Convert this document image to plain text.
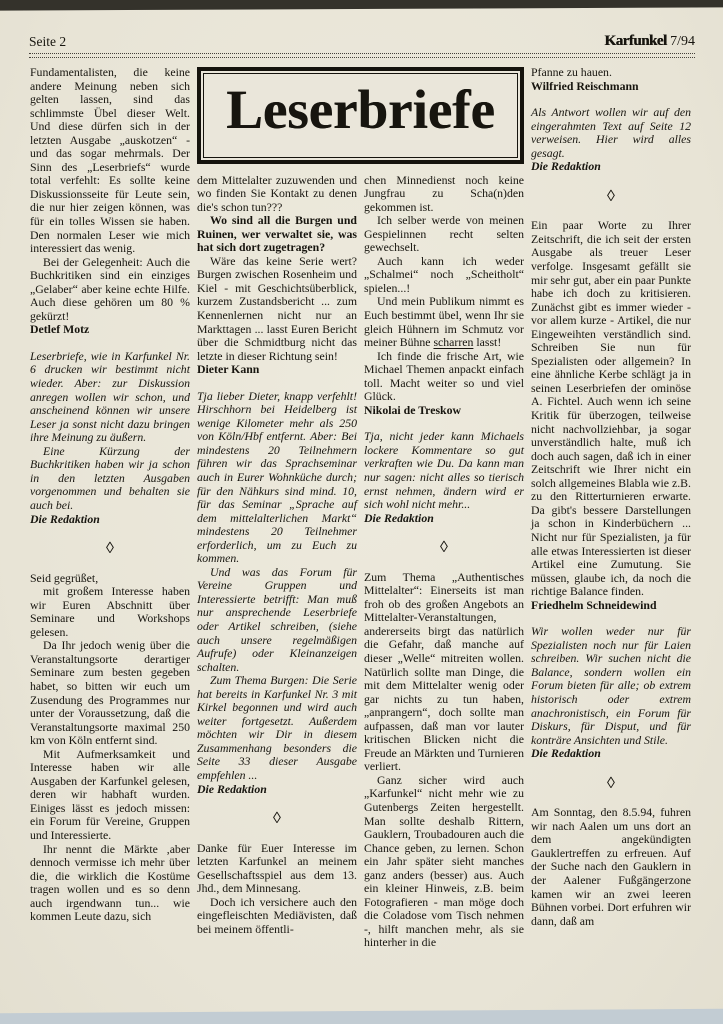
Seite 2	Karfunkel 7/94

Fundamentalisten, die keine andere Meinung neben sich gelten lassen, sind das schlimmste Übel dieser Welt. Und diese dürfen sich in der letzten Ausgabe „auskotzen“ - und das sogar mehrmals. Der Sinn des „Leserbriefs“ wurde total verfehlt: Es sollte keine Diskussionsseite für Leute sein, die nur hier zeigen können, was für ein tolles Wissen sie haben. Den normalen Leser wie mich interessiert das wenig.

Bei der Gelegenheit: Auch die Buchkritiken sind ein einziges „Gelaber“ aber keine echte Hilfe. Auch diese gehören um 80 % gekürzt!

Detlef Motz

Leserbriefe, wie in Karfunkel Nr. 6 drucken wir bestimmt nicht wieder. Aber: zur Diskussion anregen wollen wir schon, und anscheinend können wir unsere Leser ja sonst nicht dazu bringen ihre Meinung zu äußern.

Eine Kürzung der Buchkritiken haben wir ja schon in den letzten Ausgaben vorgenommen und behalten sie auch bei.

Die Redaktion

◊

Seid gegrüßet,

mit großem Interesse haben wir Euren Abschnitt über Seminare und Workshops gelesen.

Da Ihr jedoch wenig über die Veranstaltungsorte derartiger Seminare zum besten gegeben habet, so bitten wir euch um Zusendung des Programmes nur unter der Voraussetzung, daß die Veranstaltungsorte maximal 250 km von Köln entfernt sind.

Mit Aufmerksamkeit und Interesse haben wir alle Ausgaben der Karfunkel gelesen, deren wir habhaft wurden. Einiges lässt es jedoch missen: ein Forum für Vereine, Gruppen und Interessierte.

Ihr nennt die Märkte ,aber dennoch vermisse ich mehr über die, die wirklich die Kostüme tragen wollen und es so denn auch irgendwann tun... wie kommen Leute dazu, sich

Leserbriefe

dem Mittelalter zuzuwenden und wo finden Sie Kontakt zu denen die's schon tun???

Wo sind all die Burgen und Ruinen, wer verwaltet sie, was hat sich dort zugetragen?

Wäre das keine Serie wert? Burgen zwischen Rosenheim und Kiel - mit Geschichtsüberblick, kurzem Zustandsbericht ... zum Kennenlernen nicht nur an Markttagen ... lasst Euren Bericht über die Schmidtburg nicht das letzte in dieser Richtung sein!

Dieter Kann

Tja lieber Dieter, knapp verfehlt! Hirschhorn bei Heidelberg ist wenige Kilometer mehr als 250 von Köln/Hbf entfernt. Aber: Bei mindestens 20 Teilnehmern führen wir das Sprachseminar auch in Eurer Wohnküche durch; für den Nähkurs sind mind. 10, für das Seminar „Sprache auf dem mittelalterlichen Markt“ mindestens 20 Teilnehmer erforderlich, um zu Euch zu kommen.

Und was das Forum für Vereine Gruppen und Interessierte betrifft: Man muß nur ansprechende Leserbriefe oder Artikel schreiben, (siehe auch unsere regelmäßigen Aufrufe) oder Kleinanzeigen schalten.

Zum Thema Burgen: Die Serie hat bereits in Karfunkel Nr. 3 mit Kirkel begonnen und wird auch weiter fortgesetzt. Außerdem möchten wir Dir in diesem Zusammenhang besonders die Seite 33 dieser Ausgabe empfehlen ...

Die Redaktion

◊

Danke für Euer Interesse im letzten Karfunkel an meinem Gesellschaftsspiel aus dem 13. Jhd., dem Minnesang.

Doch ich versichere auch den eingefleischten Mediävisten, daß bei meinem öffentli-

chen Minnedienst noch keine Jungfrau zu Scha(n)den gekommen ist.

Ich selber werde von meinen Gespielinnen recht selten gewechselt.

Auch kann ich weder „Schalmei“ noch „Scheitholt“ spielen...!

Und mein Publikum nimmt es Euch bestimmt übel, wenn Ihr sie gleich Hühnern im Schmutz vor meiner Bühne scharren lasst!

Ich finde die frische Art, wie Michael Themen anpackt einfach toll. Macht weiter so und viel Glück.

Nikolai de Treskow

Tja, nicht jeder kann Michaels lockere Kommentare so gut verkraften wie Du. Da kann man nur sagen: nicht alles so tierisch ernst nehmen, ändern wird er sich wohl nicht mehr...

Die Redaktion

◊

Zum Thema „Authentisches Mittelalter“: Einerseits ist man froh ob des großen Angebots an Mittelalter-Veranstaltungen, andererseits birgt das natürlich die Gefahr, daß manche auf dieser „Welle“ mitreiten wollen. Natürlich sollte man Dinge, die mit dem Mittelalter wenig oder gar nichts zu tun haben, „anprangern“, doch sollte man aufpassen, daß man vor lauter kritischen Blicken nicht die Freude an Märkten und Turnieren verliert.

Ganz sicher wird auch „Karfunkel“ nicht mehr wie zu Gutenbergs Zeiten hergestellt. Man sollte deshalb Rittern, Gauklern, Troubadouren auch die Chance geben, zu lernen. Schon ein Jahr später sieht manches ganz anders (besser) aus. Auch ein kleiner Hinweis, z.B. beim Fotografieren - man möge doch die Coladose vom Tisch nehmen -, hilft manchen mehr, als sie hinterher in die

Pfanne zu hauen.

Wilfried Reischmann

Als Antwort wollen wir auf den eingerahmten Text auf Seite 12 verweisen. Hier wird alles gesagt.

Die Redaktion

◊

Ein paar Worte zu Ihrer Zeitschrift, die ich seit der ersten Ausgabe als treuer Leser verfolge. Insgesamt gefällt sie mir sehr gut, aber ein paar Punkte habe ich doch zu kritisieren. Zunächst gibt es immer wieder - vor allem kurze - Artikel, die nur Eingeweihten verständlich sind. Schreiben Sie nun für Spezialisten oder allgemein? In eine ähnliche Kerbe schlägt ja in seinen Leserbriefen der ominöse A. Fichtel. Auch wenn ich seine Kritik für überzogen, teilweise nicht nachvollziehbar, ja sogar unverständlich halte, muß ich doch auch sagen, daß ich in einer Zeitschrift wie Ihrer nicht ein solch allgemeines Blabla wie z.B. zu den Ritterturnieren erwarte. Da gibt's bessere Darstellungen ja schon in Kinderbüchern ... Nicht nur für Spezialisten, ja für alle etwas Interessierten ist dieser Artikel eine Zumutung. Sie müssen, glaube ich, da noch die richtige Balance finden.

Friedhelm Schneidewind

Wir wollen weder nur für Spezialisten noch nur für Laien schreiben. Wir suchen nicht die Balance, sondern wollen ein Forum bieten für alle; ob extrem historisch oder extrem anachronistisch, ein Forum für Diskurs, für Disput, und für konträre Ansichten und Stile.

Die Redaktion

◊

Am Sonntag, den 8.5.94, fuhren wir nach Aalen um uns dort an dem angekündigten Gauklertreffen zu erfreuen. Auf der Suche nach den Gauklern in der Aalener Fußgängerzone kamen wir an zwei leeren Bühnen vorbei. Dort erfuhren wir dann, daß am
